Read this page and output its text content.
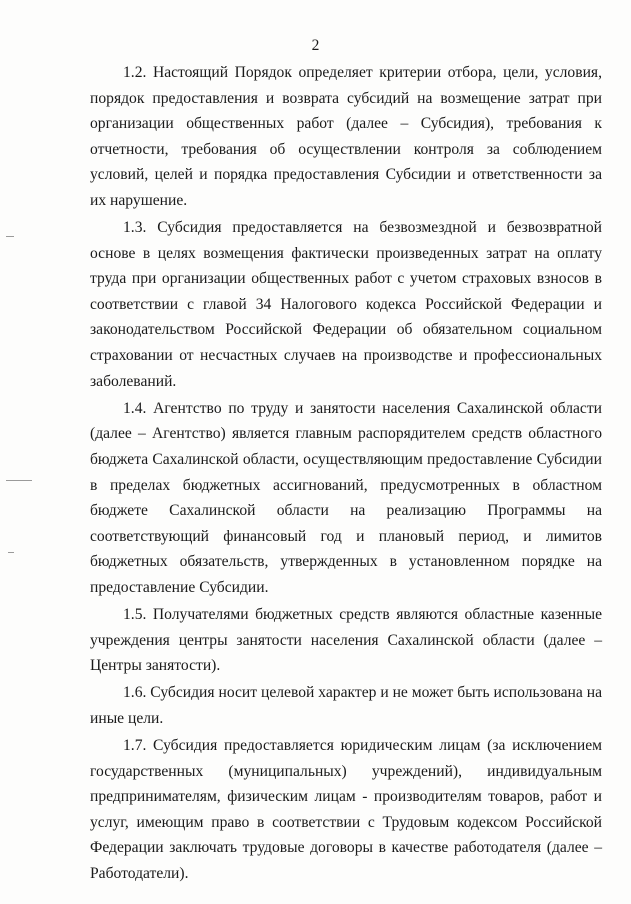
2

1.2. Настоящий Порядок определяет критерии отбора, цели, условия, порядок предоставления и возврата субсидий на возмещение затрат при организации общественных работ (далее – Субсидия), требования к отчетности, требования об осуществлении контроля за соблюдением условий, целей и порядка предоставления Субсидии и ответственности за их нарушение.

1.3. Субсидия предоставляется на безвозмездной и безвозвратной основе в целях возмещения фактически произведенных затрат на оплату труда при организации общественных работ с учетом страховых взносов в соответствии с главой 34 Налогового кодекса Российской Федерации и законодательством Российской Федерации об обязательном социальном страховании от несчастных случаев на производстве и профессиональных заболеваний.

1.4. Агентство по труду и занятости населения Сахалинской области (далее – Агентство) является главным распорядителем средств областного бюджета Сахалинской области, осуществляющим предоставление Субсидии в пределах бюджетных ассигнований, предусмотренных в областном бюджете Сахалинской области на реализацию Программы на соответствующий финансовый год и плановый период, и лимитов бюджетных обязательств, утвержденных в установленном порядке на предоставление Субсидии.

1.5. Получателями бюджетных средств являются областные казенные учреждения центры занятости населения Сахалинской области (далее – Центры занятости).

1.6. Субсидия носит целевой характер и не может быть использована на иные цели.

1.7. Субсидия предоставляется юридическим лицам (за исключением государственных (муниципальных) учреждений), индивидуальным предпринимателям, физическим лицам - производителям товаров, работ и услуг, имеющим право в соответствии с Трудовым кодексом Российской Федерации заключать трудовые договоры в качестве работодателя (далее – Работодатели).
